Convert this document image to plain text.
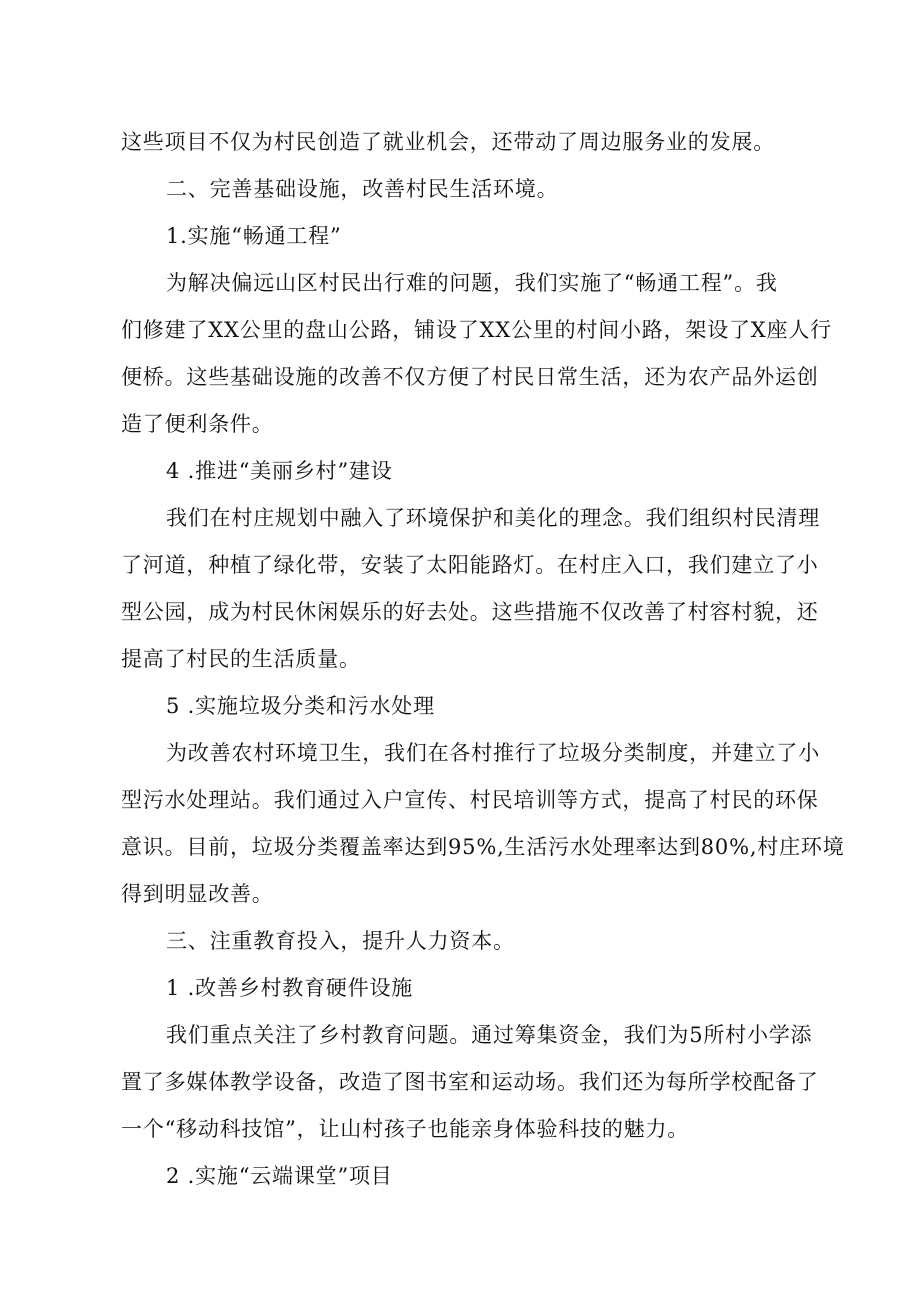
这些项目不仅为村民创造了就业机会，还带动了周边服务业的发展。
二、完善基础设施，改善村民生活环境。
1.实施“畅通工程”
为解决偏远山区村民出行难的问题，我们实施了“畅通工程”。我
们修建了XX公里的盘山公路，铺设了XX公里的村间小路，架设了X座人行
便桥。这些基础设施的改善不仅方便了村民日常生活，还为农产品外运创
造了便利条件。
4 .推进“美丽乡村”建设
我们在村庄规划中融入了环境保护和美化的理念。我们组织村民清理
了河道，种植了绿化带，安装了太阳能路灯。在村庄入口，我们建立了小
型公园，成为村民休闲娱乐的好去处。这些措施不仅改善了村容村貌，还
提高了村民的生活质量。
5 .实施垃圾分类和污水处理
为改善农村环境卫生，我们在各村推行了垃圾分类制度，并建立了小
型污水处理站。我们通过入户宣传、村民培训等方式，提高了村民的环保
意识。目前，垃圾分类覆盖率达到95%,生活污水处理率达到80%,村庄环境
得到明显改善。
三、注重教育投入，提升人力资本。
1 .改善乡村教育硬件设施
我们重点关注了乡村教育问题。通过筹集资金，我们为5所村小学添
置了多媒体教学设备，改造了图书室和运动场。我们还为每所学校配备了
一个“移动科技馆”，让山村孩子也能亲身体验科技的魅力。
2 .实施“云端课堂”项目
